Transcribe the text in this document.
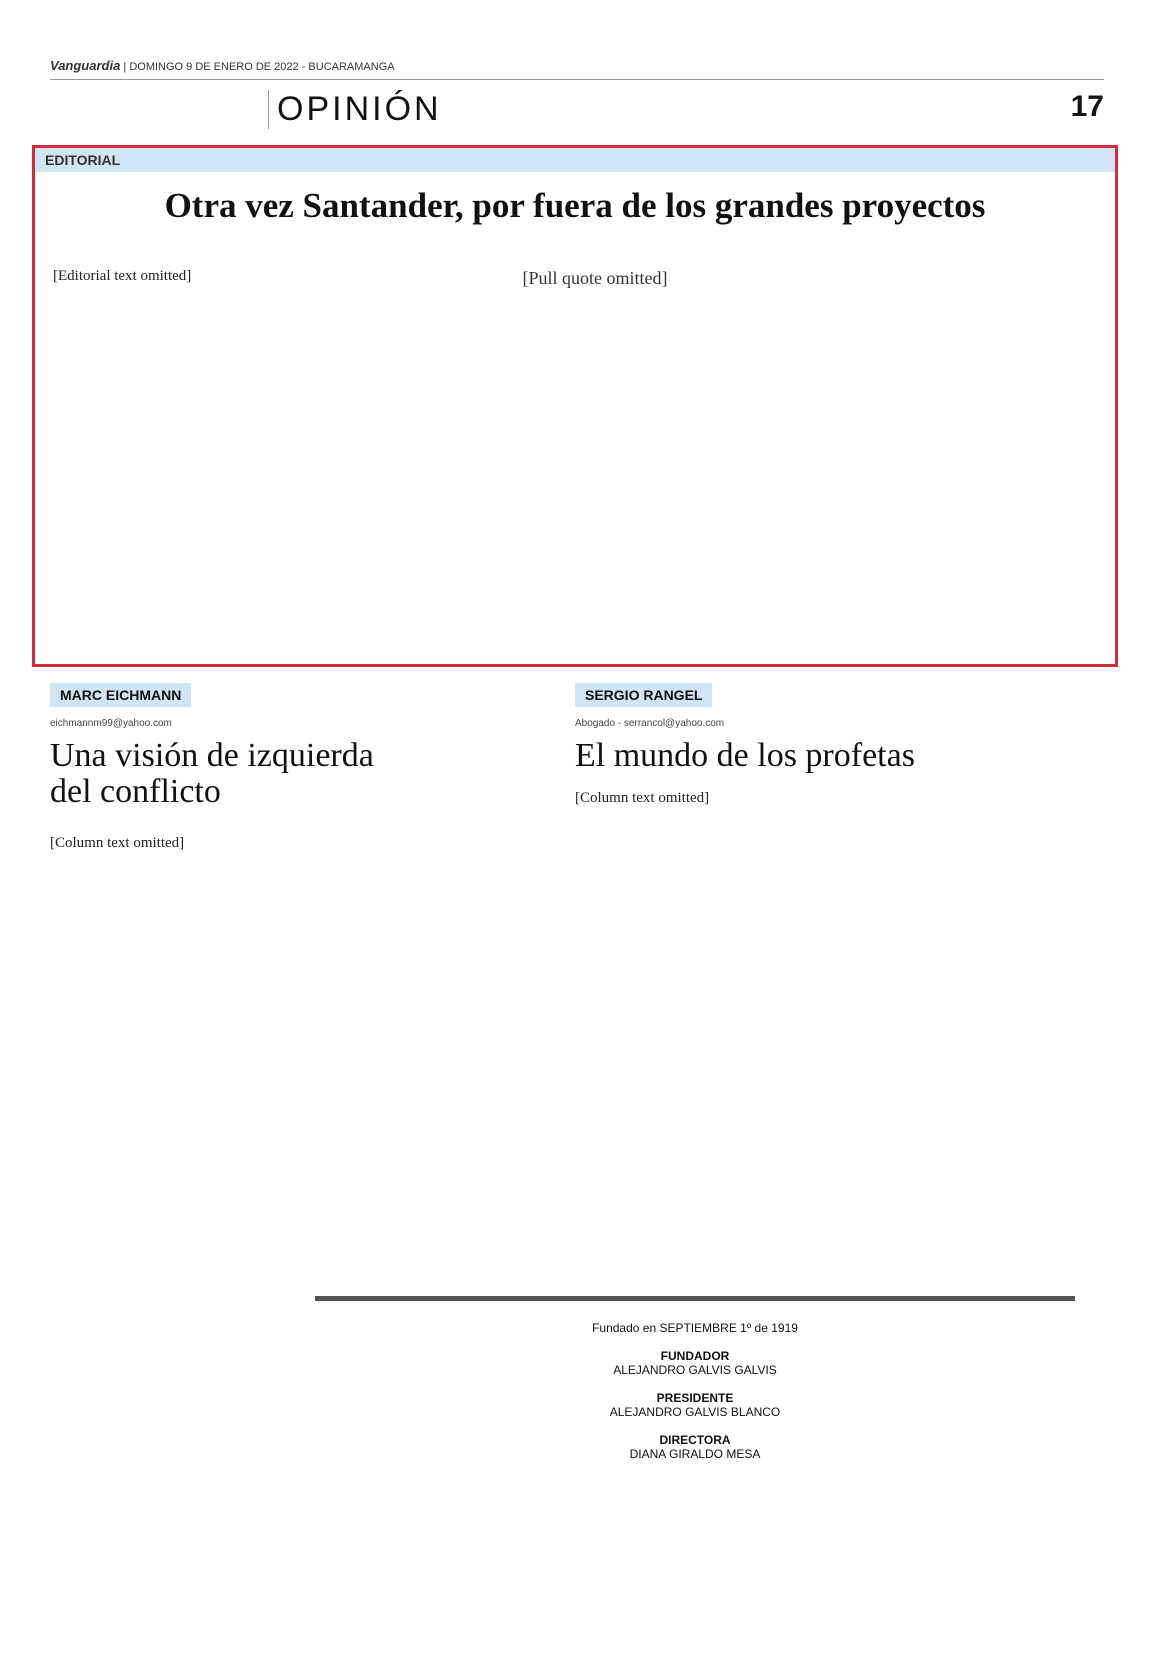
Vanguardia | DOMINGO 9 DE ENERO DE 2022 - BUCARAMANGA
OPINIÓN	17
EDITORIAL
Otra vez Santander, por fuera de los grandes proyectos
[Pull quote omitted]
[Editorial text omitted]
MARC EICHMANN
eichmannm99@yahoo.com
Una visión de izquierda del conflicto
[Column text omitted]
SERGIO RANGEL
Abogado - serrancol@yahoo.com
El mundo de los profetas
[Column text omitted]
Fundado en SEPTIEMBRE 1º de 1919

FUNDADOR
ALEJANDRO GALVIS GALVIS

PRESIDENTE
ALEJANDRO GALVIS BLANCO

DIRECTORA
DIANA GIRALDO MESA
